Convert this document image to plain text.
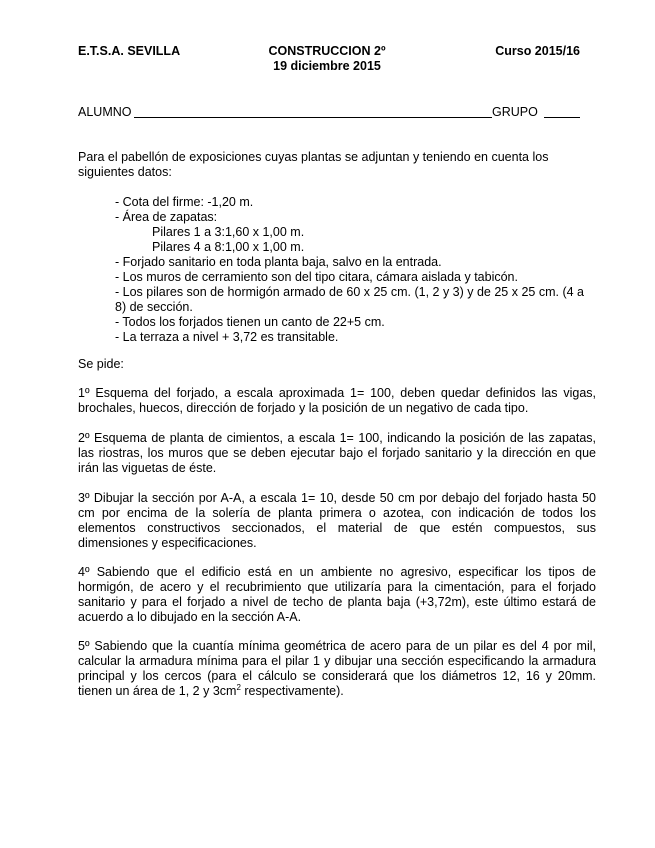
E.T.S.A. SEVILLA	CONSTRUCCION 2º
19 diciembre 2015
Curso 2015/16
ALUMNO	GRUPO
Para el pabellón de exposiciones cuyas plantas se adjuntan y teniendo en cuenta los siguientes datos:
- Cota del firme: -1,20 m.
- Área de zapatas:
Pilares 1 a 3:1,60 x 1,00 m.
Pilares 4 a 8:1,00 x 1,00 m.
- Forjado sanitario en toda planta baja, salvo en la entrada.
- Los muros de cerramiento son del tipo citara, cámara aislada y tabicón.
- Los pilares son de hormigón armado de 60 x 25 cm. (1, 2 y 3) y de 25 x 25 cm. (4 a 8) de sección.
- Todos los forjados tienen un canto de 22+5 cm.
- La terraza a nivel + 3,72 es transitable.
Se pide:
1º Esquema del forjado, a escala aproximada 1= 100, deben quedar definidos las vigas, brochales, huecos, dirección de forjado y la posición de un negativo de cada tipo.
2º Esquema de planta de cimientos, a escala 1= 100, indicando la posición de las zapatas, las riostras, los muros que se deben ejecutar bajo el forjado sanitario y la dirección en que irán las viguetas de éste.
3º Dibujar la sección por A-A, a escala 1= 10, desde 50 cm por debajo del forjado hasta 50 cm por encima de la solería de planta primera o azotea, con indicación de todos los elementos constructivos seccionados, el material de que estén compuestos, sus dimensiones y especificaciones.
4º Sabiendo que el edificio está en un ambiente no agresivo, especificar los tipos de hormigón, de acero y el recubrimiento que utilizaría para la cimentación, para el forjado sanitario y para el forjado a nivel de techo de planta baja (+3,72m), este último estará de acuerdo a lo dibujado en la sección A-A.
5º Sabiendo que la cuantía mínima geométrica de acero para de un pilar es del 4 por mil, calcular la armadura mínima para el pilar 1 y dibujar una sección especificando la armadura principal y los cercos (para el cálculo se considerará que los diámetros 12, 16 y 20mm. tienen un área de 1, 2 y $3cm^2$ respectivamente).
